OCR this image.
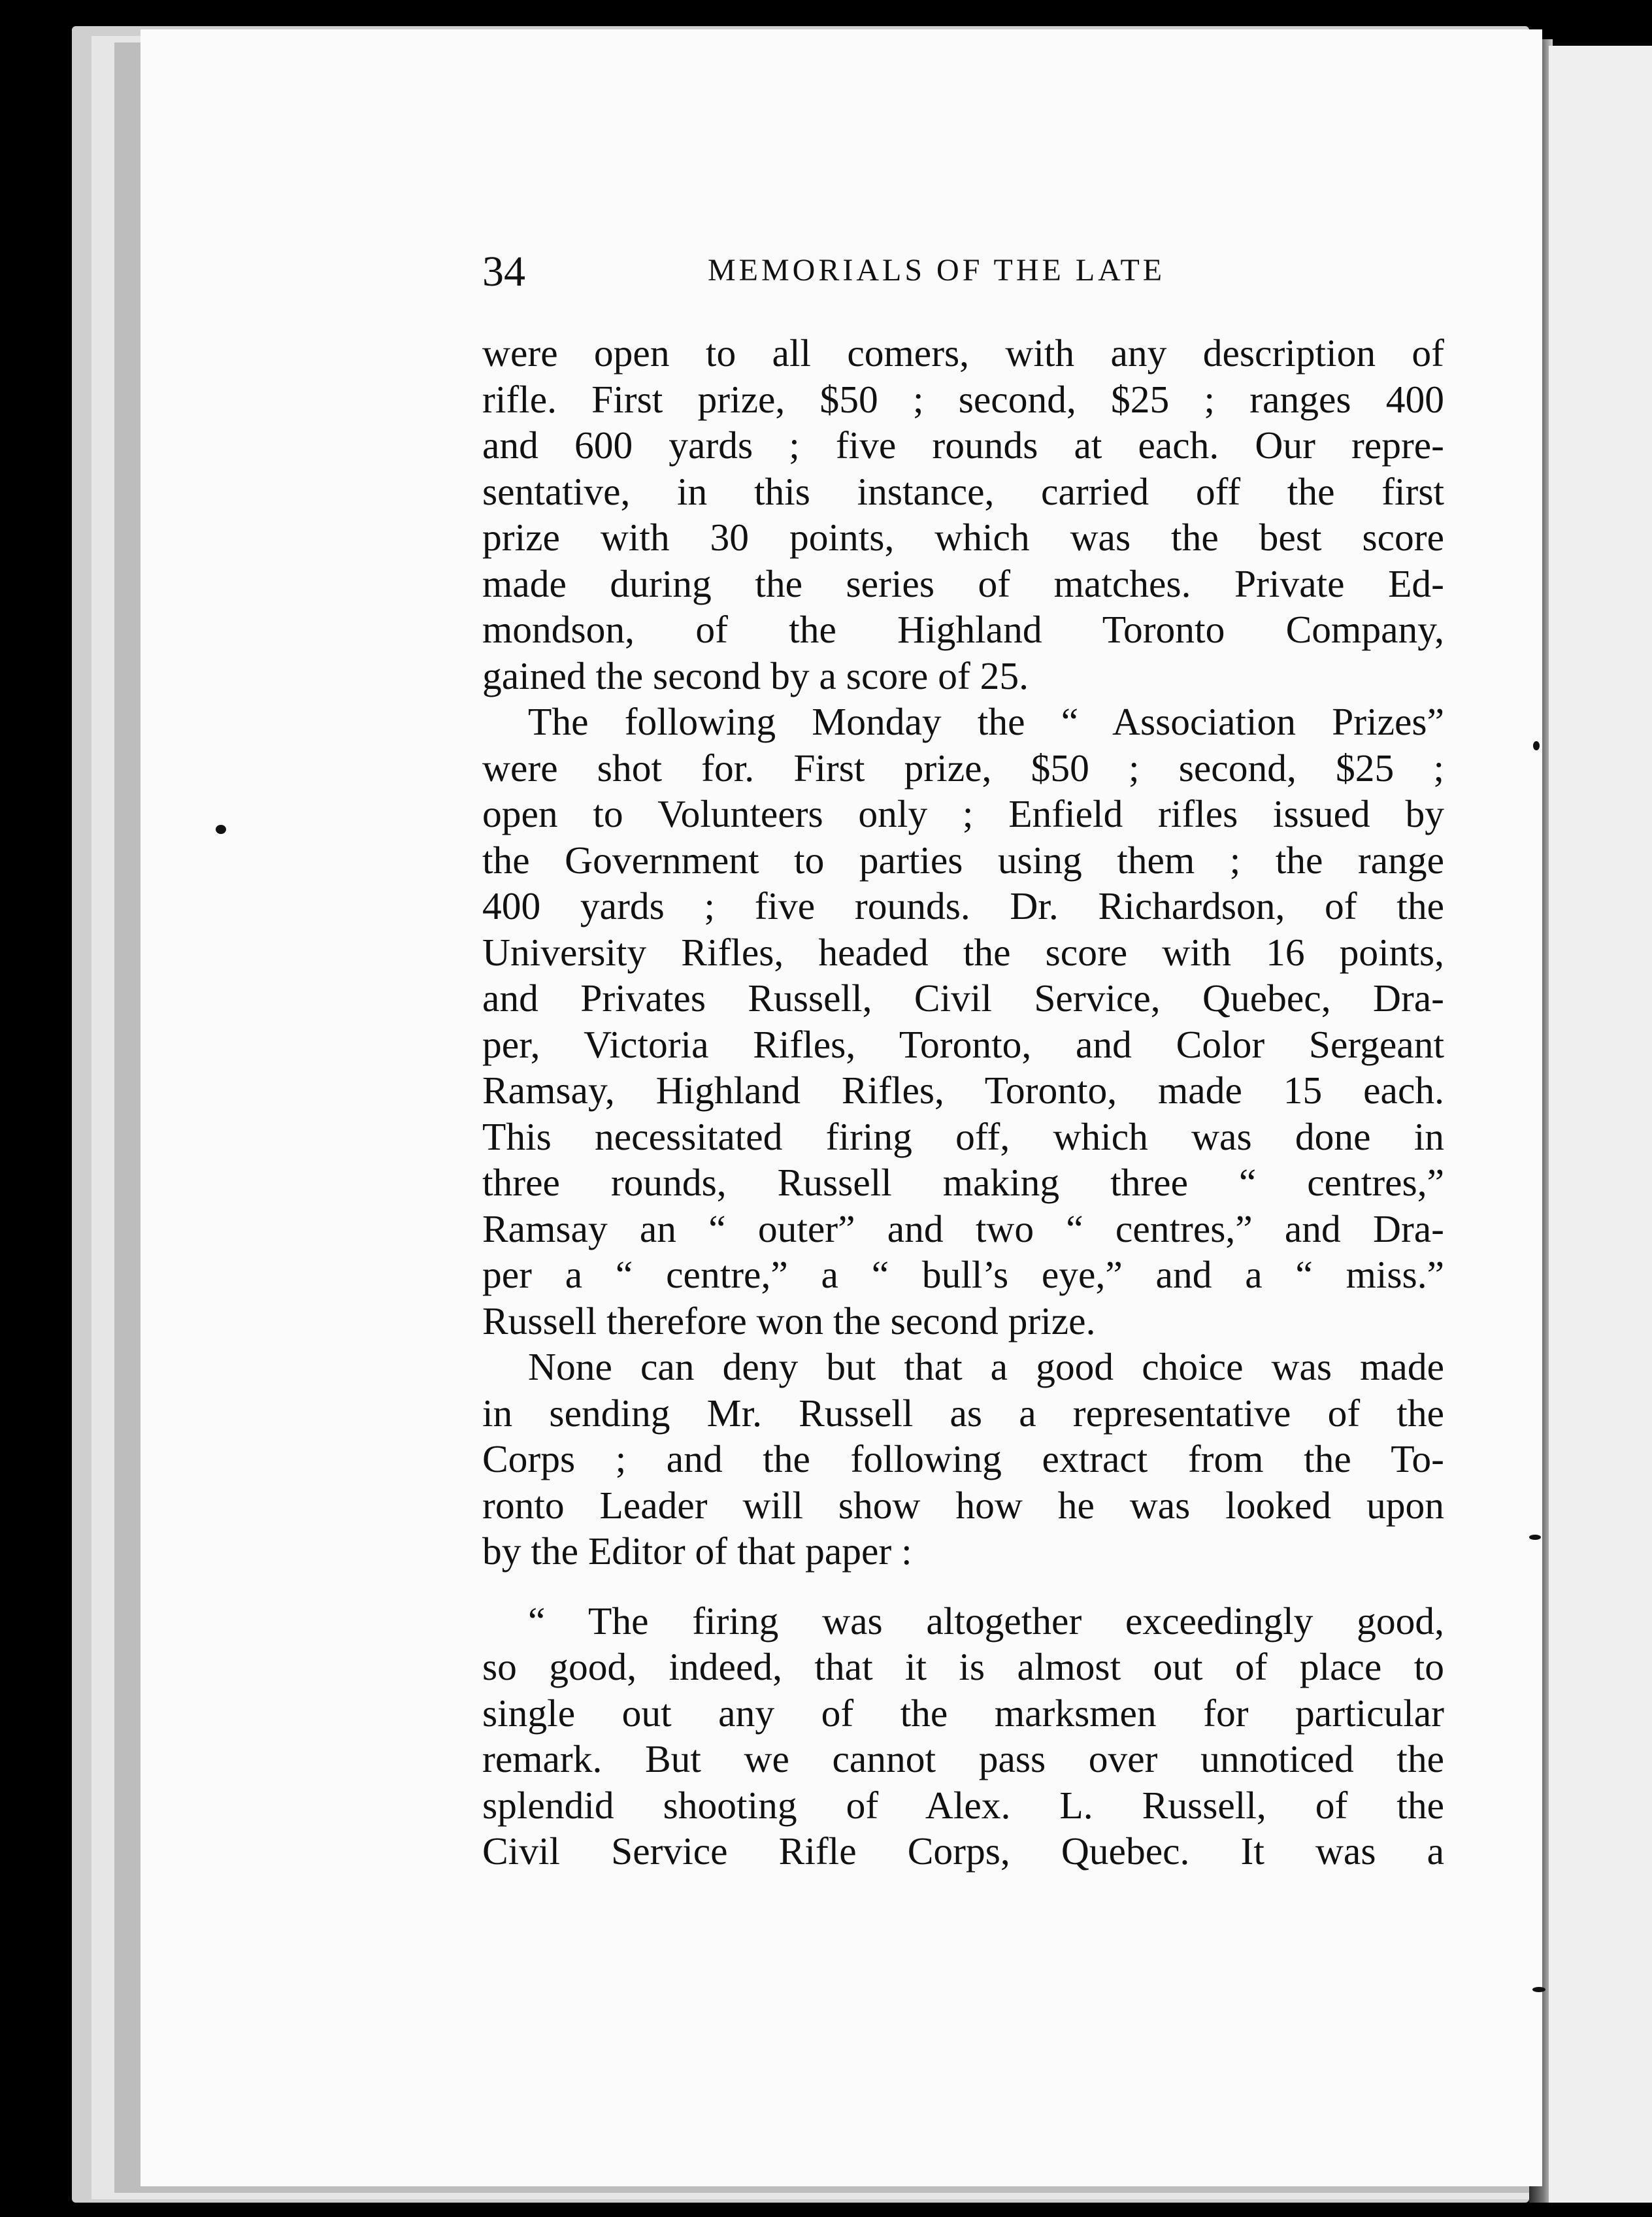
34	MEMORIALS OF THE LATE
were open to all comers, with any description of
rifle. First prize, $50 ; second, $25 ; ranges 400
and 600 yards ; five rounds at each. Our repre-
sentative, in this instance, carried off the first
prize with 30 points, which was the best score
made during the series of matches. Private Ed-
mondson, of the Highland Toronto Company,
gained the second by a score of 25.
The following Monday the “ Association Prizes”
were shot for. First prize, $50 ; second, $25 ;
open to Volunteers only ; Enfield rifles issued by
the Government to parties using them ; the range
400 yards ; five rounds. Dr. Richardson, of the
University Rifles, headed the score with 16 points,
and Privates Russell, Civil Service, Quebec, Dra-
per, Victoria Rifles, Toronto, and Color Sergeant
Ramsay, Highland Rifles, Toronto, made 15 each.
This necessitated firing off, which was done in
three rounds, Russell making three “ centres,”
Ramsay an “ outer” and two “ centres,” and Dra-
per a “ centre,” a “ bull’s eye,” and a “ miss.”
Russell therefore won the second prize.
None can deny but that a good choice was made
in sending Mr. Russell as a representative of the
Corps ; and the following extract from the To-
ronto Leader will show how he was looked upon
by the Editor of that paper :
“ The firing was altogether exceedingly good,
so good, indeed, that it is almost out of place to
single out any of the marksmen for particular
remark. But we cannot pass over unnoticed the
splendid shooting of Alex. L. Russell, of the
Civil Service Rifle Corps, Quebec. It was a
